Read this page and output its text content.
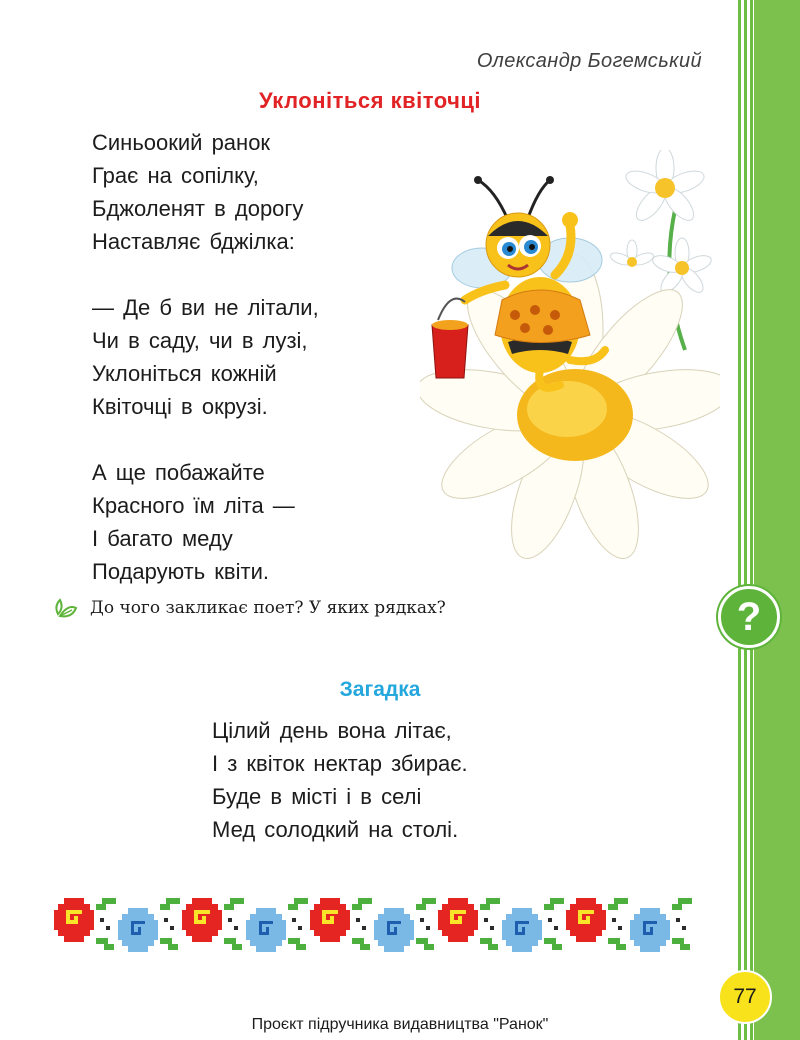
Олександр Богемський
Уклоніться квіточці
Синьоокий ранок
Грає на сопілку,
Бджоленят в дорогу
Наставляє бджілка:
— Де б ви не літали,
Чи в саду, чи в лузі,
Уклоніться кожній
Квіточці в окрузі.
А ще побажайте
Красного їм літа —
І багато меду
Подарують квіти.
До чого закликає поет? У яких рядках?	?
Загадка
Цілий день вона літає,
І з квіток нектар збирає.
Буде в місті і в селі
Мед солодкий на столі.
77
Проєкт підручника видавництва "Ранок"
